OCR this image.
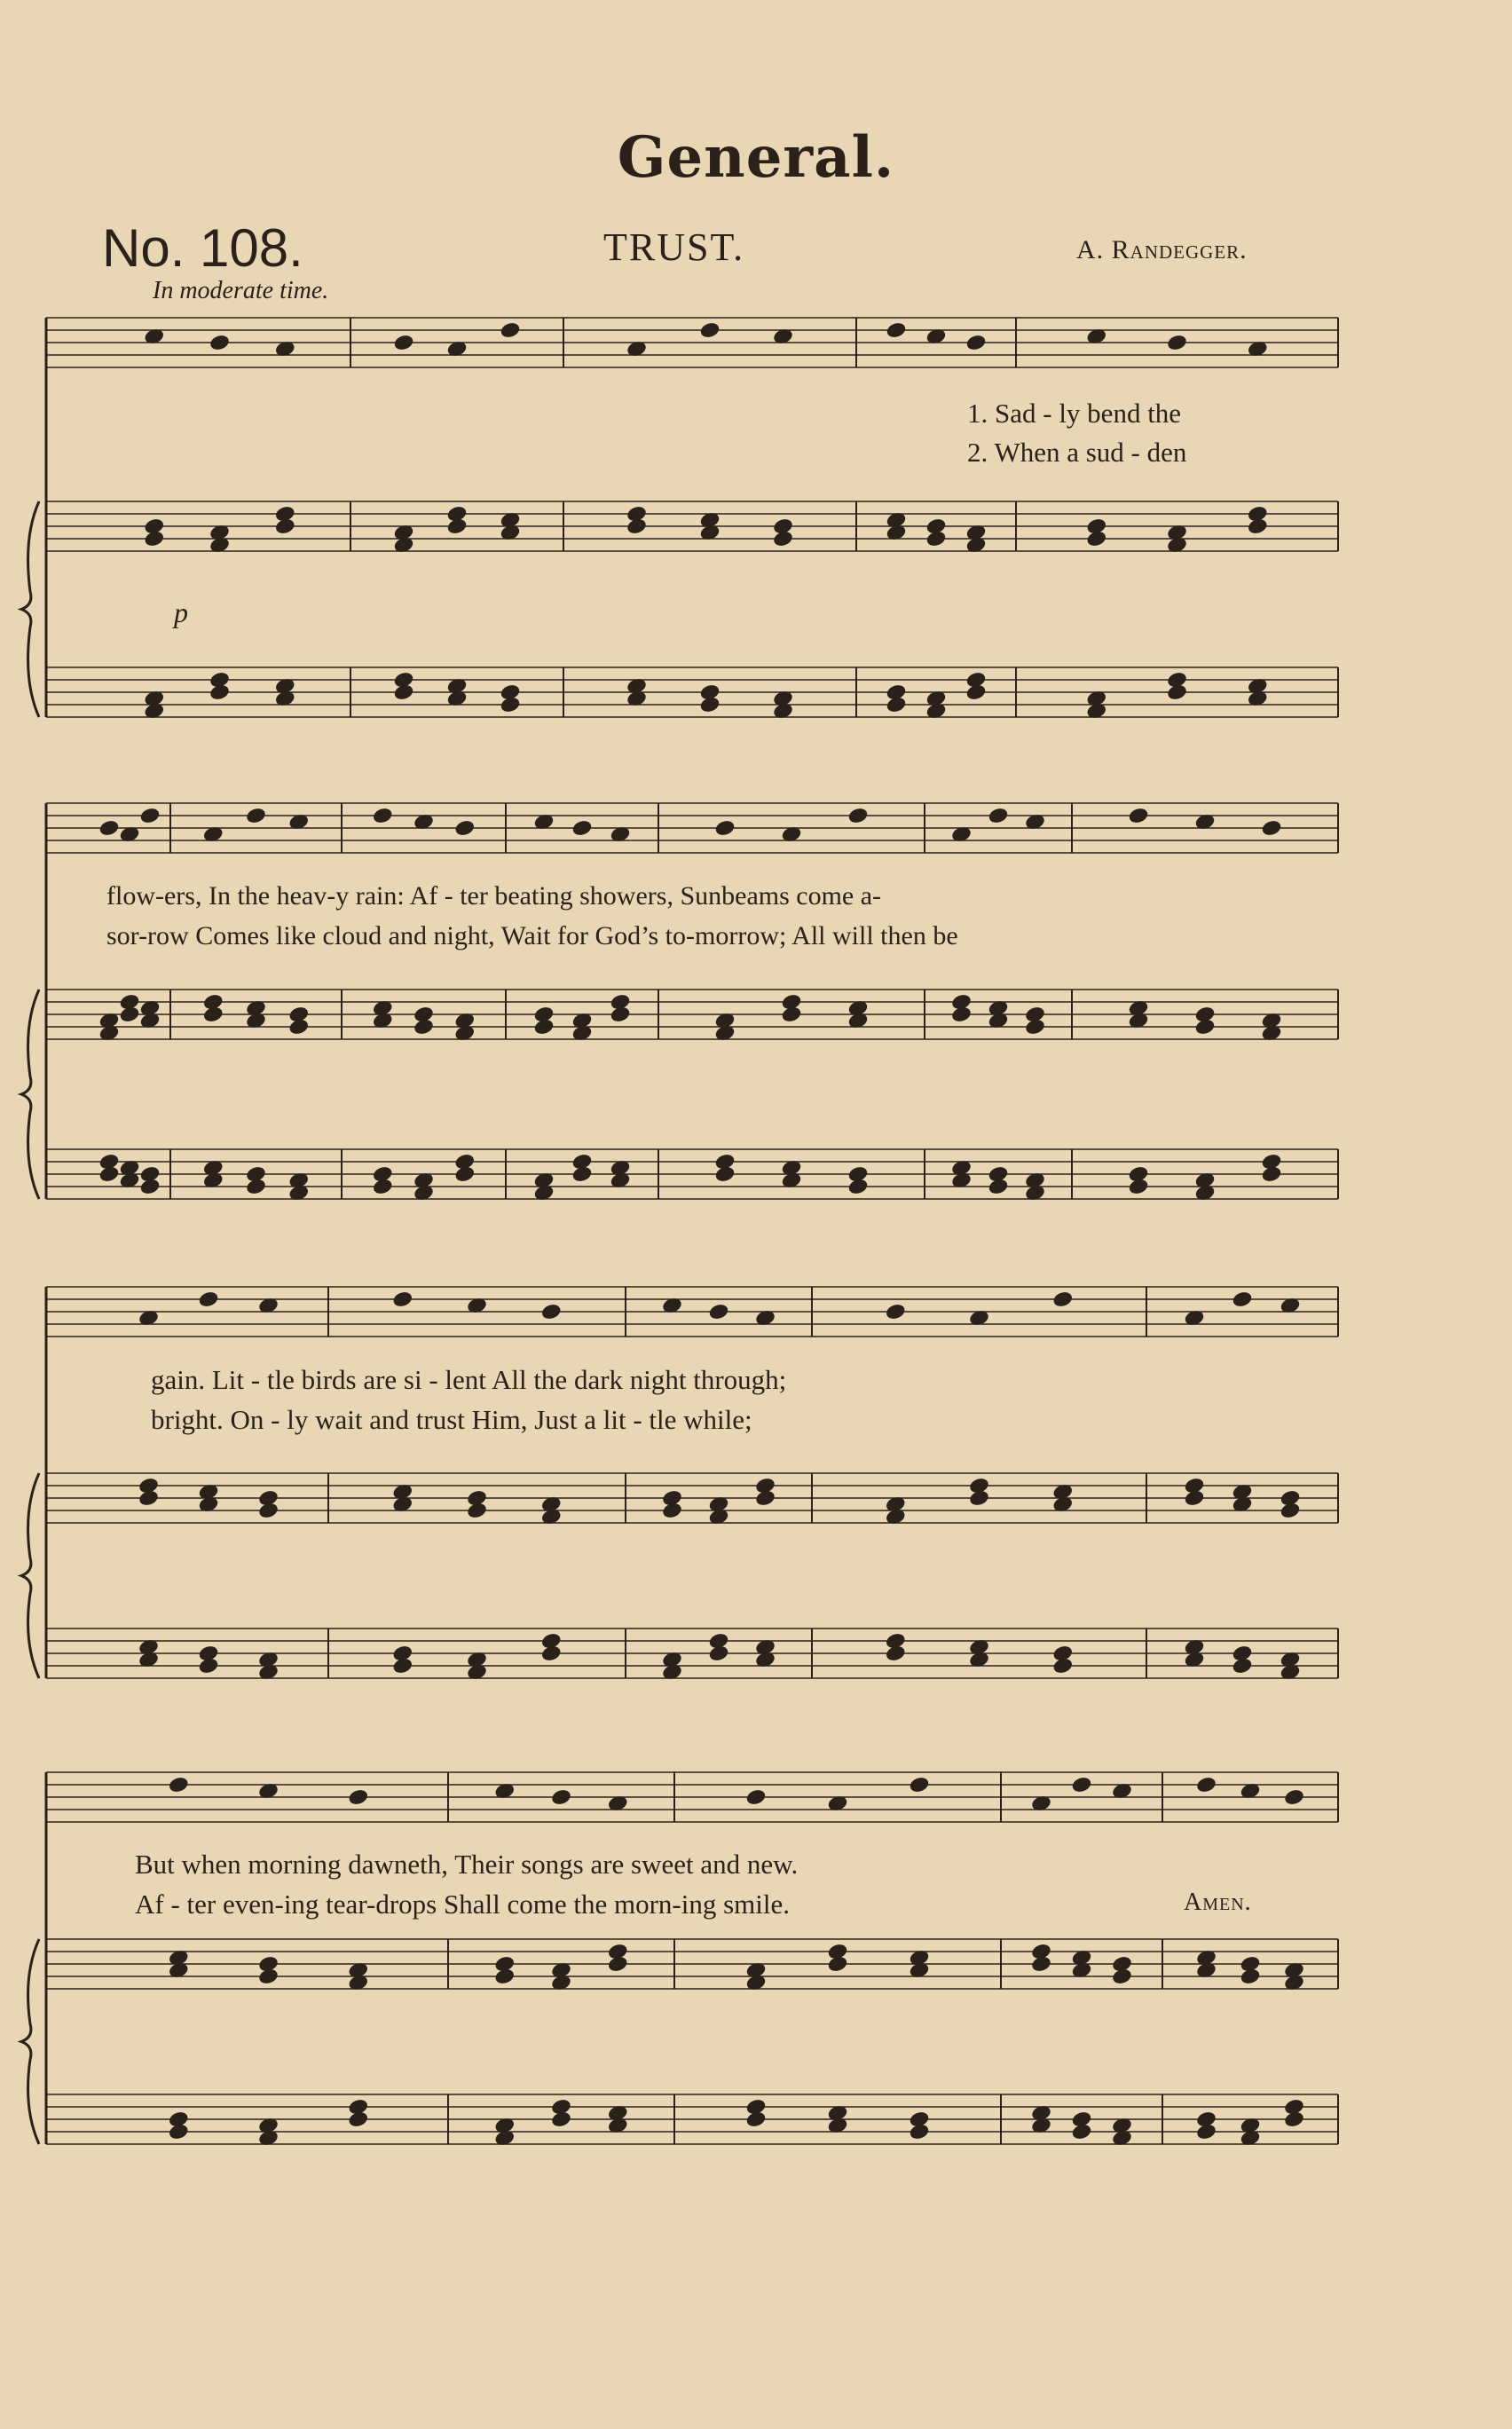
General.
No. 108.	TRUST.	A. Randegger.
In moderate time.
1. Sad - ly bend the
2. When a sud - den
p
flow-ers, In the heav-y rain: Af - ter beating showers, Sunbeams come a-
sor-row Comes like cloud and night, Wait for God’s to-morrow; All will then be
gain. Lit - tle birds are si - lent All the dark night through;
bright. On - ly wait and trust Him, Just a lit - tle while;
But when morning dawneth, Their songs are sweet and new.
Af - ter even-ing tear-drops Shall come the morn-ing smile.	Amen.
